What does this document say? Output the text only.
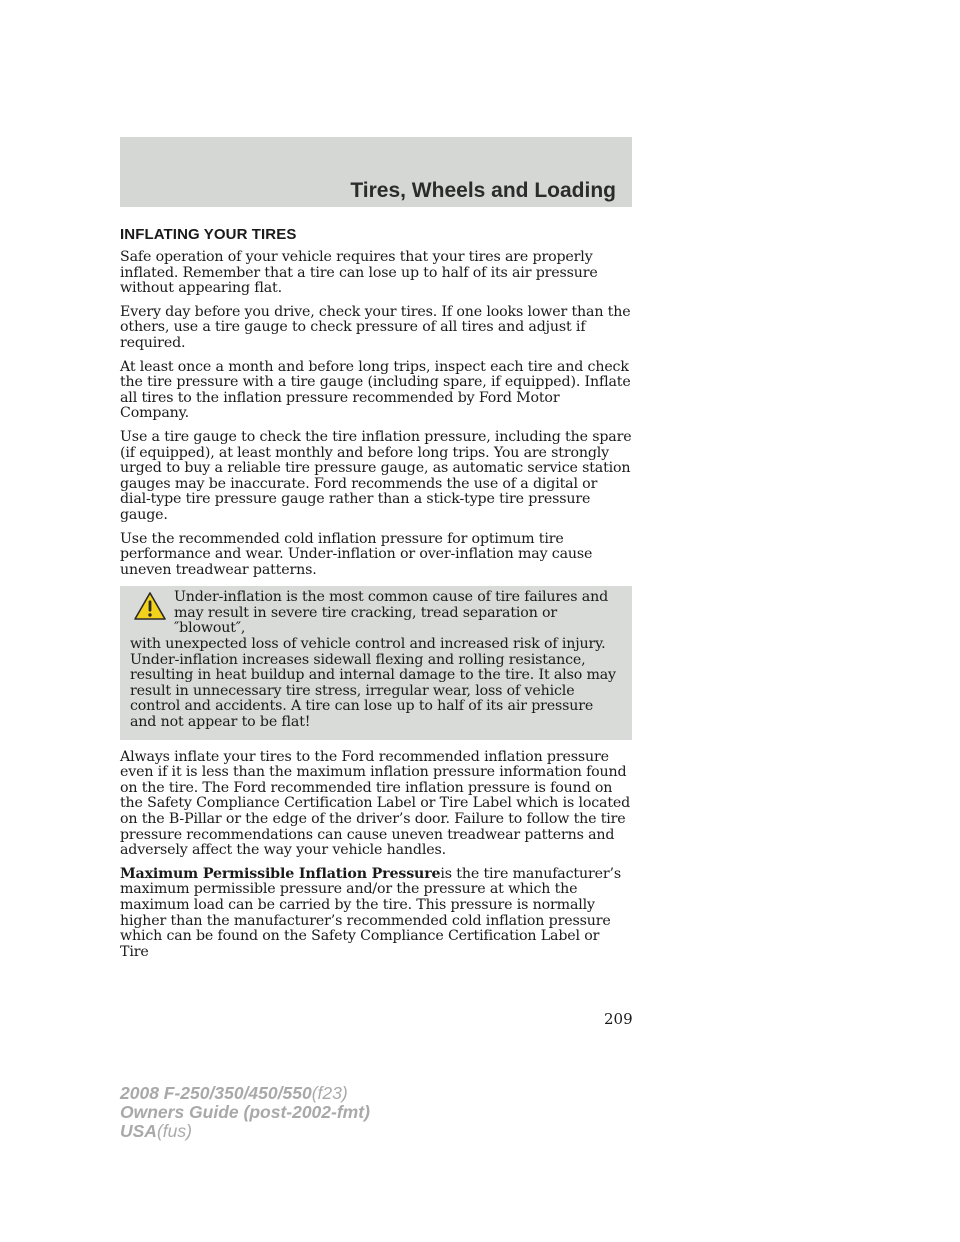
Tires, Wheels and Loading
INFLATING YOUR TIRES

Safe operation of your vehicle requires that your tires are properly inflated. Remember that a tire can lose up to half of its air pressure without appearing flat.

Every day before you drive, check your tires. If one looks lower than the others, use a tire gauge to check pressure of all tires and adjust if required.

At least once a month and before long trips, inspect each tire and check the tire pressure with a tire gauge (including spare, if equipped). Inflate all tires to the inflation pressure recommended by Ford Motor Company.

Use a tire gauge to check the tire inflation pressure, including the spare (if equipped), at least monthly and before long trips. You are strongly urged to buy a reliable tire pressure gauge, as automatic service station gauges may be inaccurate. Ford recommends the use of a digital or dial-type tire pressure gauge rather than a stick-type tire pressure gauge.

Use the recommended cold inflation pressure for optimum tire performance and wear. Under-inflation or over-inflation may cause uneven treadwear patterns.

Under-inflation is the most common cause of tire failures and

may result in severe tire cracking, tread separation or ″blowout″,

with unexpected loss of vehicle control and increased risk of injury. Under-inflation increases sidewall flexing and rolling resistance, resulting in heat buildup and internal damage to the tire. It also may result in unnecessary tire stress, irregular wear, loss of vehicle control and accidents. A tire can lose up to half of its air pressure and not appear to be flat!

Always inflate your tires to the Ford recommended inflation pressure even if it is less than the maximum inflation pressure information found on the tire. The Ford recommended tire inflation pressure is found on the Safety Compliance Certification Label or Tire Label which is located on the B-Pillar or the edge of the driver’s door. Failure to follow the tire pressure recommendations can cause uneven treadwear patterns and adversely affect the way your vehicle handles.

Maximum Permissible Inflation Pressureis the tire manufacturer’s maximum permissible pressure and/or the pressure at which the maximum load can be carried by the tire. This pressure is normally higher than the manufacturer’s recommended cold inflation pressure which can be found on the Safety Compliance Certification Label or Tire

209
2008 F-250/350/450/550(f23)
Owners Guide (post-2002-fmt)
USA(fus)
